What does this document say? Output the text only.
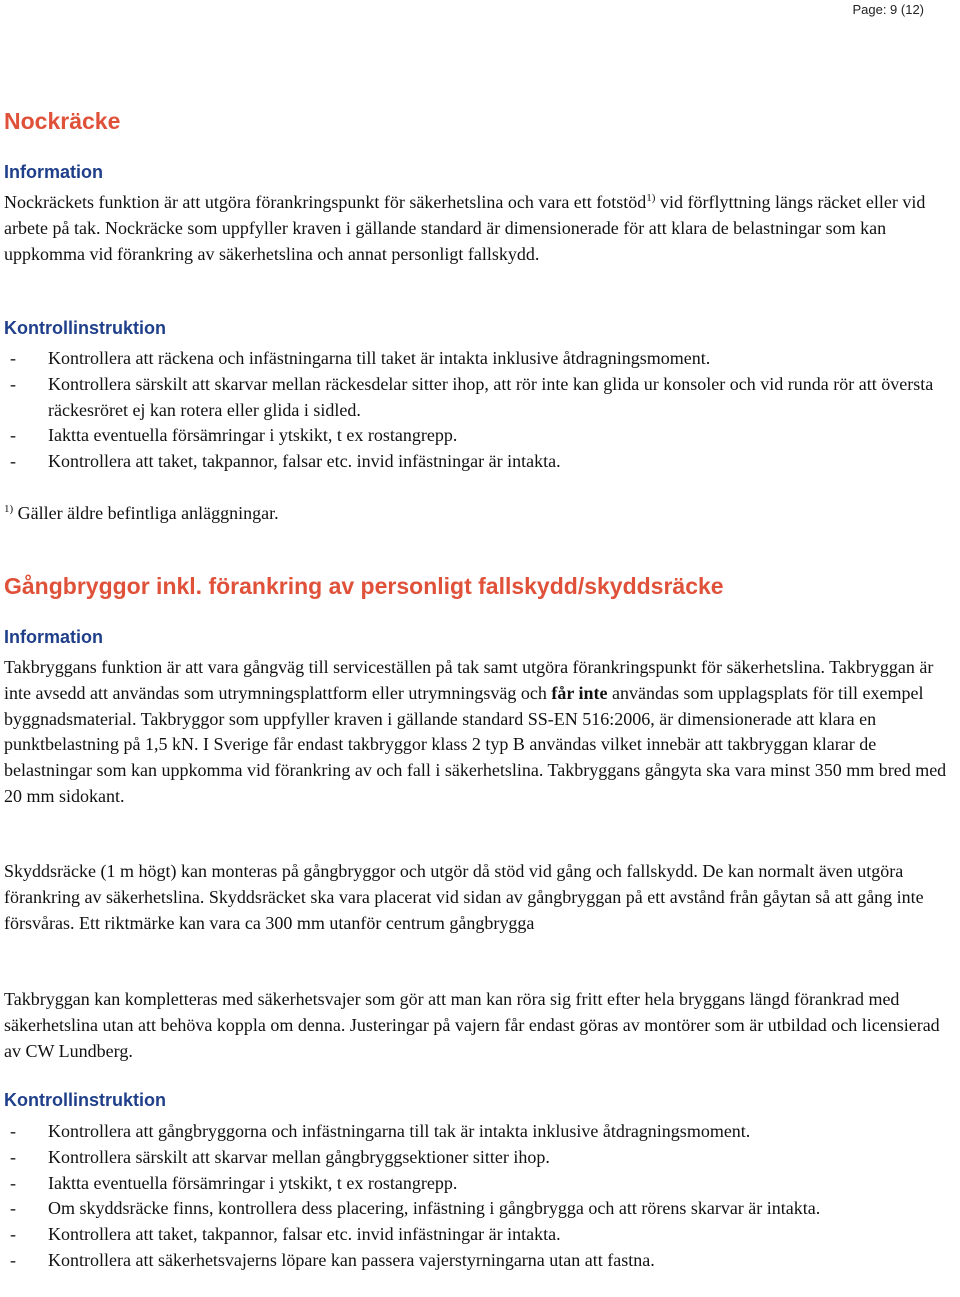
Page: 9 (12)
Nockräcke
Information

Nockräckets funktion är att utgöra förankringspunkt för säkerhetslina och vara ett fotstöd$^{1)}$ vid förflyttning längs räcket eller vid arbete på tak. Nockräcke som uppfyller kraven i gällande standard är dimensionerade för att klara de belastningar som kan uppkomma vid förankring av säkerhetslina och annat personligt fallskydd.

Kontrollinstruktion
- Kontrollera att räckena och infästningarna till taket är intakta inklusive åtdragningsmoment.
- Kontrollera särskilt att skarvar mellan räckesdelar sitter ihop, att rör inte kan glida ur konsoler och vid runda rör att översta räckesröret ej kan rotera eller glida i sidled.
- Iaktta eventuella försämringar i ytskikt, t ex rostangrepp.
- Kontrollera att taket, takpannor, falsar etc. invid infästningar är intakta.

$^{1)}$ Gäller äldre befintliga anläggningar.

Gångbryggor inkl. förankring av personligt fallskydd/skyddsräcke
Information

Takbryggans funktion är att vara gångväg till serviceställen på tak samt utgöra förankringspunkt för säkerhetslina. Takbryggan är inte avsedd att användas som utrymningsplattform eller utrymningsväg och får inte användas som upplagsplats för till exempel byggnadsmaterial. Takbryggor som uppfyller kraven i gällande standard SS-EN 516:2006, är dimensionerade att klara en punktbelastning på 1,5 kN. I Sverige får endast takbryggor klass 2 typ B användas vilket innebär att takbryggan klarar de belastningar som kan uppkomma vid förankring av och fall i säkerhetslina. Takbryggans gångyta ska vara minst 350 mm bred med 20 mm sidokant.

Skyddsräcke (1 m högt) kan monteras på gångbryggor och utgör då stöd vid gång och fallskydd. De kan normalt även utgöra förankring av säkerhetslina. Skyddsräcket ska vara placerat vid sidan av gångbryggan på ett avstånd från gåytan så att gång inte försvåras. Ett riktmärke kan vara ca 300 mm utanför centrum gångbrygga

Takbryggan kan kompletteras med säkerhetsvajer som gör att man kan röra sig fritt efter hela bryggans längd förankrad med säkerhetslina utan att behöva koppla om denna. Justeringar på vajern får endast göras av montörer som är utbildad och licensierad av CW Lundberg.

Kontrollinstruktion
- Kontrollera att gångbryggorna och infästningarna till tak är intakta inklusive åtdragningsmoment.
- Kontrollera särskilt att skarvar mellan gångbryggsektioner sitter ihop.
- Iaktta eventuella försämringar i ytskikt, t ex rostangrepp.
- Om skyddsräcke finns, kontrollera dess placering, infästning i gångbrygga och att rörens skarvar är intakta.
- Kontrollera att taket, takpannor, falsar etc. invid infästningar är intakta.
- Kontrollera att säkerhetsvajerns löpare kan passera vajerstyrningarna utan att fastna.
